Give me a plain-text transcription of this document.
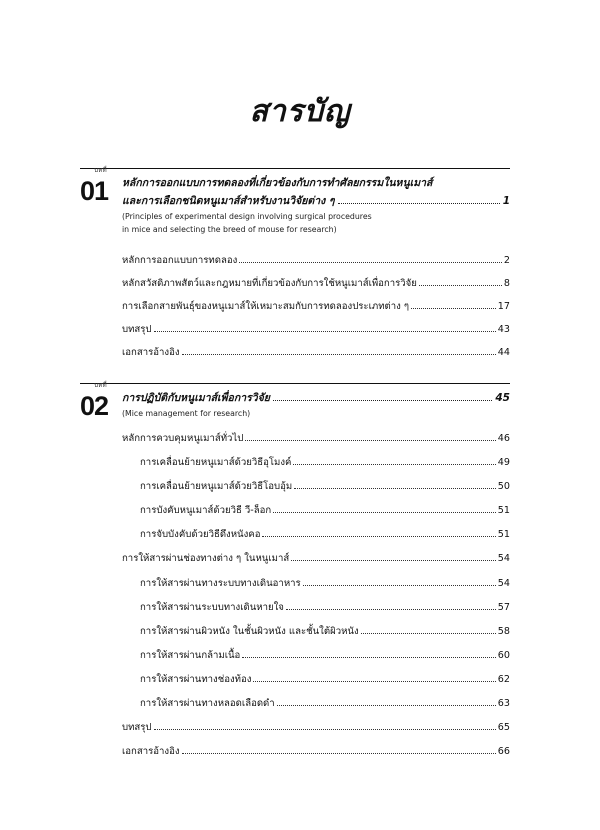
สารบัญ
บทที่
01 หลักการออกแบบการทดลองที่เกี่ยวข้องกับการทำศัลยกรรมในหนูเมาส์
และการเลือกชนิดหนูเมาส์สำหรับงานวิจัยต่าง ๆ	1
(Principles of experimental design involving surgical procedures
in mice and selecting the breed of mouse for research)
หลักการออกแบบการทดลอง	2
หลักสวัสดิภาพสัตว์และกฎหมายที่เกี่ยวข้องกับการใช้หนูเมาส์เพื่อการวิจัย	8
การเลือกสายพันธุ์ของหนูเมาส์ให้เหมาะสมกับการทดลองประเภทต่าง ๆ	17
บทสรุป	43
เอกสารอ้างอิง	44
บทที่
02 การปฏิบัติกับหนูเมาส์เพื่อการวิจัย	45
(Mice management for research)
หลักการควบคุมหนูเมาส์ทั่วไป	46
การเคลื่อนย้ายหนูเมาส์ด้วยวิธีอุโมงค์	49
การเคลื่อนย้ายหนูเมาส์ด้วยวิธีโอบอุ้ม	50
การบังคับหนูเมาส์ด้วยวิธี วี-ล็อก	51
การจับบังคับด้วยวิธีดึงหนังคอ	51
การให้สารผ่านช่องทางต่าง ๆ ในหนูเมาส์	54
การให้สารผ่านทางระบบทางเดินอาหาร	54
การให้สารผ่านระบบทางเดินหายใจ	57
การให้สารผ่านผิวหนัง ในชั้นผิวหนัง และชั้นใต้ผิวหนัง	58
การให้สารผ่านกล้ามเนื้อ	60
การให้สารผ่านทางช่องท้อง	62
การให้สารผ่านทางหลอดเลือดดำ	63
บทสรุป	65
เอกสารอ้างอิง	66
